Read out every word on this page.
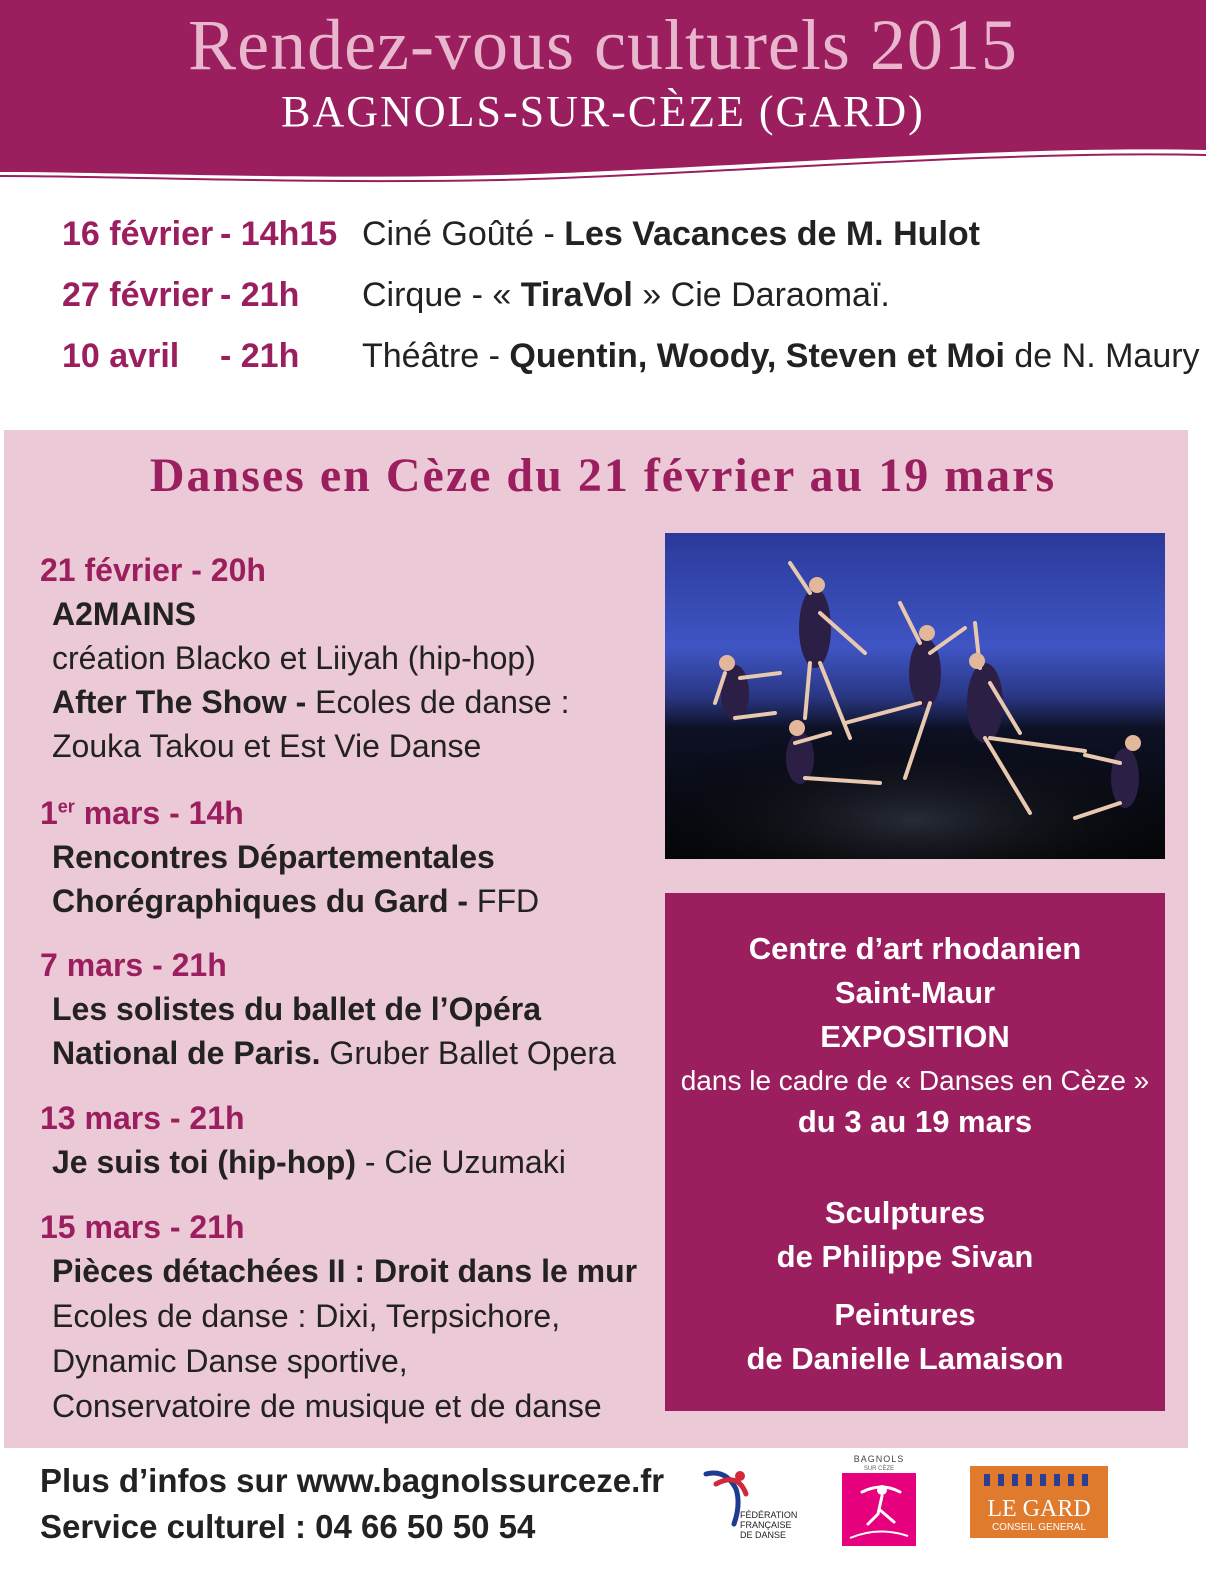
Rendez-vous culturels 2015
BAGNOLS-SUR-CÈZE (GARD)
16 février - 14h15 Ciné Goûté - Les Vacances de M. Hulot
27 février - 21h Cirque - « TiraVol » Cie Daraomaï.
10 avril - 21h Théâtre - Quentin, Woody, Steven et Moi de N. Maury
Danses en Cèze du 21 février au 19 mars
21 février - 20h
A2MAINS
création Blacko et Liiyah (hip-hop)
After The Show - Ecoles de danse :
Zouka Takou et Est Vie Danse
1er mars - 14h
Rencontres Départementales
Chorégraphiques du Gard - FFD
7 mars - 21h
Les solistes du ballet de l’Opéra
National de Paris. Gruber Ballet Opera
13 mars - 21h
Je suis toi (hip-hop) - Cie Uzumaki
15 mars - 21h
Pièces détachées II : Droit dans le mur
Ecoles de danse : Dixi, Terpsichore,
Dynamic Danse sportive,
Conservatoire de musique et de danse
Centre d’art rhodanien
Saint-Maur
EXPOSITION
dans le cadre de « Danses en Cèze »
du 3 au 19 mars
Sculptures
de Philippe Sivan
Peintures
de Danielle Lamaison
Plus d’infos sur www.bagnolssurceze.fr
Service culturel : 04 66 50 50 54	FÉDÉRATION
FRANÇAISE
DE DANSE
BAGNOLS
SUR CÈZE
LE GARD
CONSEIL GENERAL
